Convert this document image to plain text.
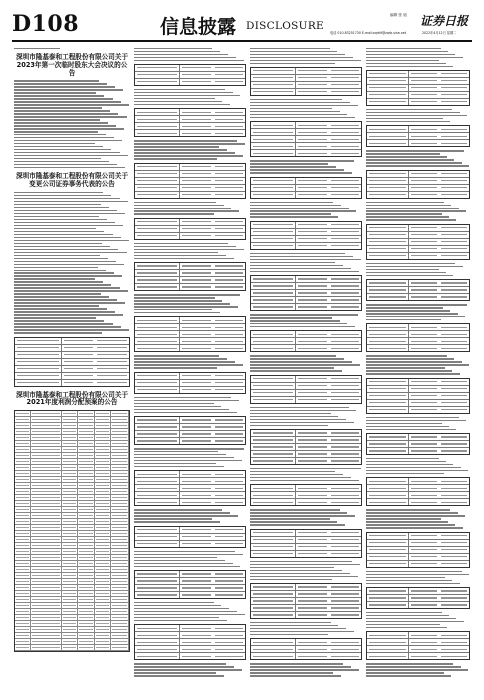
D108	信息披露 DISCLOSURE
编辑 张 迪 证券日报
电话 010-83251730 E-mail:zqrb9@zqrb.sina.net	2022年4月12日 星期二
深圳市隆基泰和工程股份有限公司关于2023年第一次临时股东大会决议的公告
深圳市隆基泰和工程股份有限公司关于变更公司证券事务代表的公告
深圳市隆基泰和工程股份有限公司关于2021年度利润分配预案的公告
